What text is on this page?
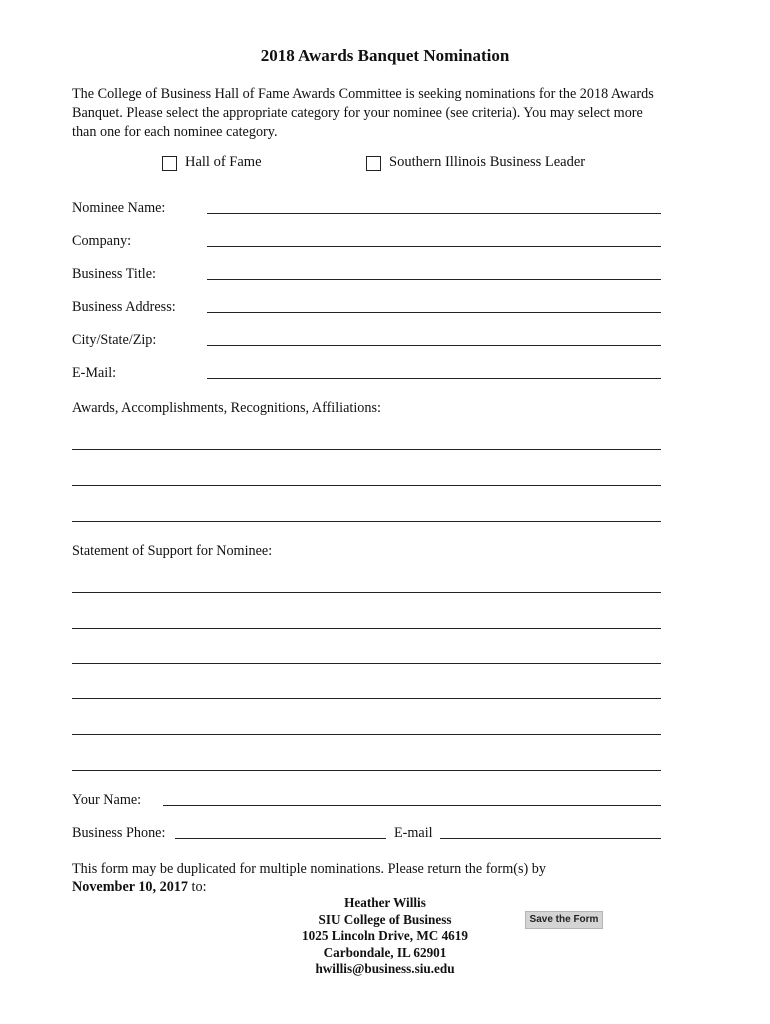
2018 Awards Banquet Nomination
The College of Business Hall of Fame Awards Committee is seeking nominations for the 2018 Awards
Banquet. Please select the appropriate category for your nominee (see criteria). You may select more
than one for each nominee category.
Hall of Fame	Southern Illinois Business Leader
Nominee Name:
Company:
Business Title:
Business Address:
City/State/Zip:
E-Mail:
Awards, Accomplishments, Recognitions, Affiliations:
Statement of Support for Nominee:
Your Name:
Business Phone:	E-mail
This form may be duplicated for multiple nominations. Please return the form(s) by
November 10, 2017 to:
Heather Willis
SIU College of Business
1025 Lincoln Drive, MC 4619
Carbondale, IL 62901
hwillis@business.siu.edu
Save the Form
